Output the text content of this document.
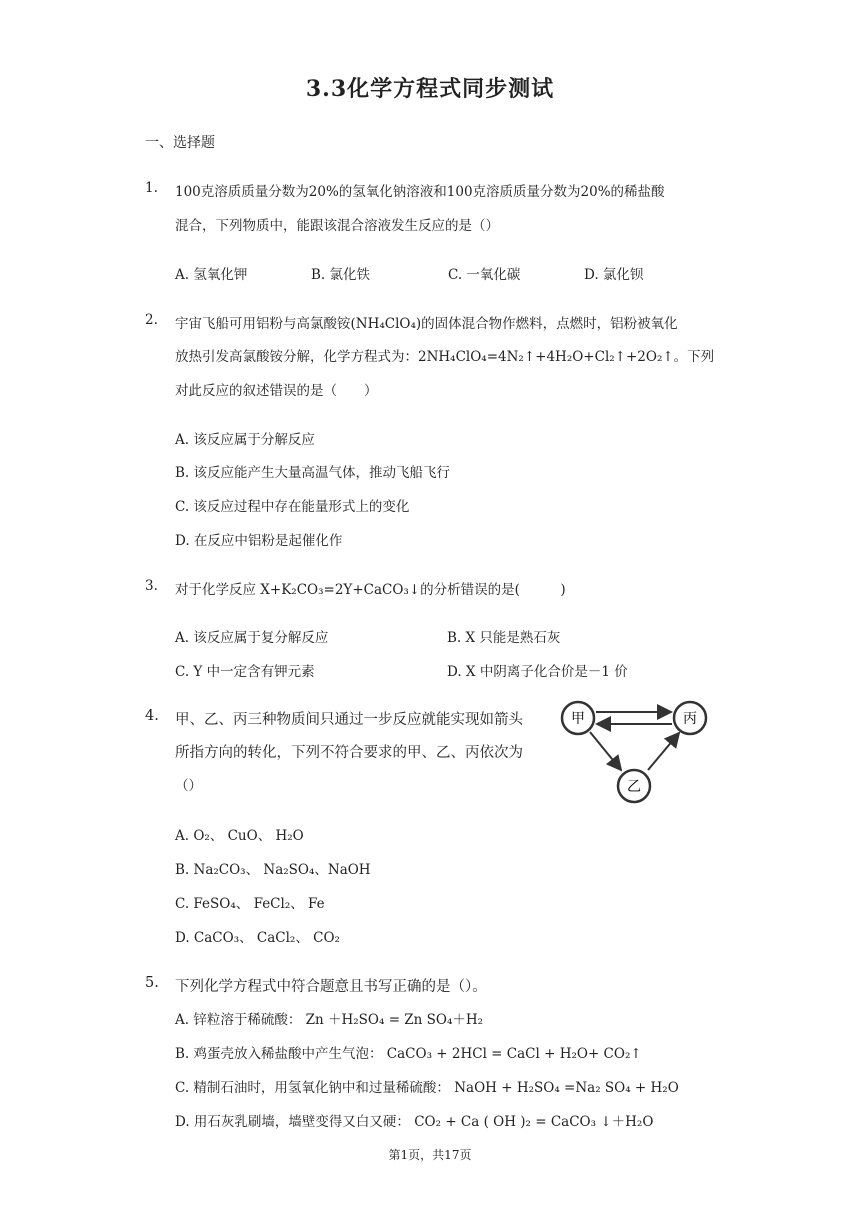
3.3化学方程式同步测试
一、选择题
1. 100克溶质质量分数为20%的氢氧化钠溶液和100克溶质质量分数为20%的稀盐酸
混合，下列物质中，能跟该混合溶液发生反应的是（）
A. 氢氧化钾	B. 氯化铁	C. 一氧化碳	D. 氯化钡
2. 宇宙飞船可用铝粉与高氯酸铵(NH₄ClO₄)的固体混合物作燃料，点燃时，铝粉被氧化
放热引发高氯酸铵分解，化学方程式为：2NH₄ClO₄=4N₂↑+4H₂O+Cl₂↑+2O₂↑。下列
对此反应的叙述错误的是（　　）
A. 该反应属于分解反应
B. 该反应能产生大量高温气体，推动飞船飞行
C. 该反应过程中存在能量形式上的变化
D. 在反应中铝粉是起催化作
3. 对于化学反应 X+K₂CO₃=2Y+CaCO₃↓的分析错误的是(　　　)
A. 该反应属于复分解反应	B. X 只能是熟石灰
C. Y 中一定含有钾元素	D. X 中阴离子化合价是－1 价
4. 甲、乙、丙三种物质间只通过一步反应就能实现如箭头
所指方向的转化，下列不符合要求的甲、乙、丙依次为
（）
甲	丙
乙
A. O₂、 CuO、 H₂O
B. Na₂CO₃、 Na₂SO₄、NaOH
C. FeSO₄、 FeCl₂、 Fe
D. CaCO₃、 CaCl₂、 CO₂
5. 下列化学方程式中符合题意且书写正确的是（）。
A. 锌粒溶于稀硫酸： Zn ＋H₂SO₄ = Zn SO₄＋H₂
B. 鸡蛋壳放入稀盐酸中产生气泡： CaCO₃ + 2HCl = CaCl + H₂O+ CO₂↑
C. 精制石油时，用氢氧化钠中和过量稀硫酸： NaOH + H₂SO₄ =Na₂ SO₄ + H₂O
D. 用石灰乳刷墙，墙壁变得又白又硬： CO₂ + Ca ( OH )₂ = CaCO₃ ↓＋H₂O
第1页，共17页
